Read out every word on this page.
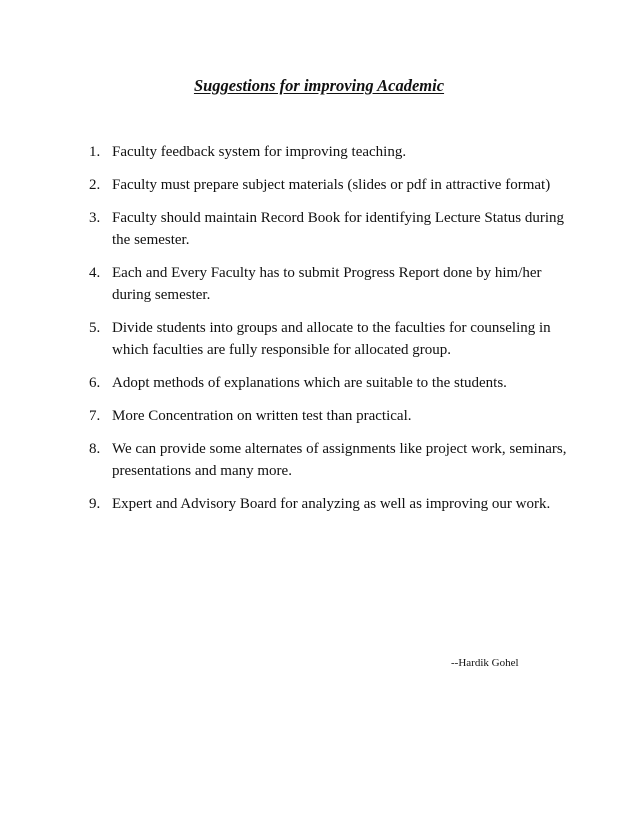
Suggestions for improving Academic
1. Faculty feedback system for improving teaching.
2. Faculty must prepare subject materials (slides or pdf in attractive format)
3. Faculty should maintain Record Book for identifying Lecture Status during the semester.
4. Each and Every Faculty has to submit Progress Report done by him/her during semester.
5. Divide students into groups and allocate to the faculties for counseling in which faculties are fully responsible for allocated group.
6. Adopt methods of explanations which are suitable to the students.
7. More Concentration on written test than practical.
8. We can provide some alternates of assignments like project work, seminars, presentations and many more.
9. Expert and Advisory Board for analyzing as well as improving our work.

--Hardik Gohel
